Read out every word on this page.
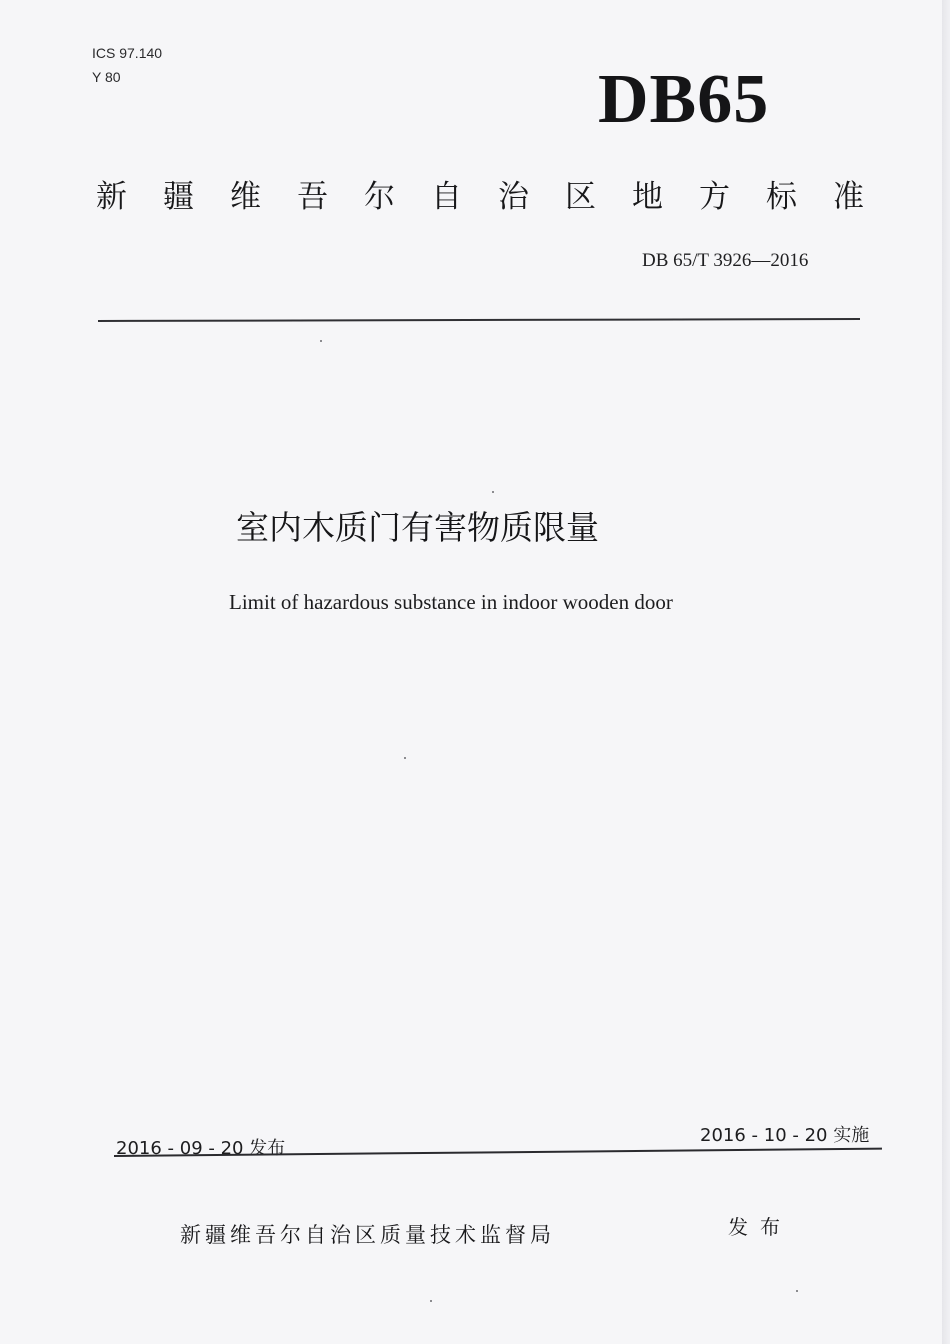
ICS 97.140
Y 80	DB65
新疆维吾尔自治区地方标准
DB 65/T 3926—2016
室内木质门有害物质限量
Limit of hazardous substance in indoor wooden door
2016 - 09 - 20 发布
2016 - 10 - 20 实施
新疆维吾尔自治区质量技术监督局	发布
